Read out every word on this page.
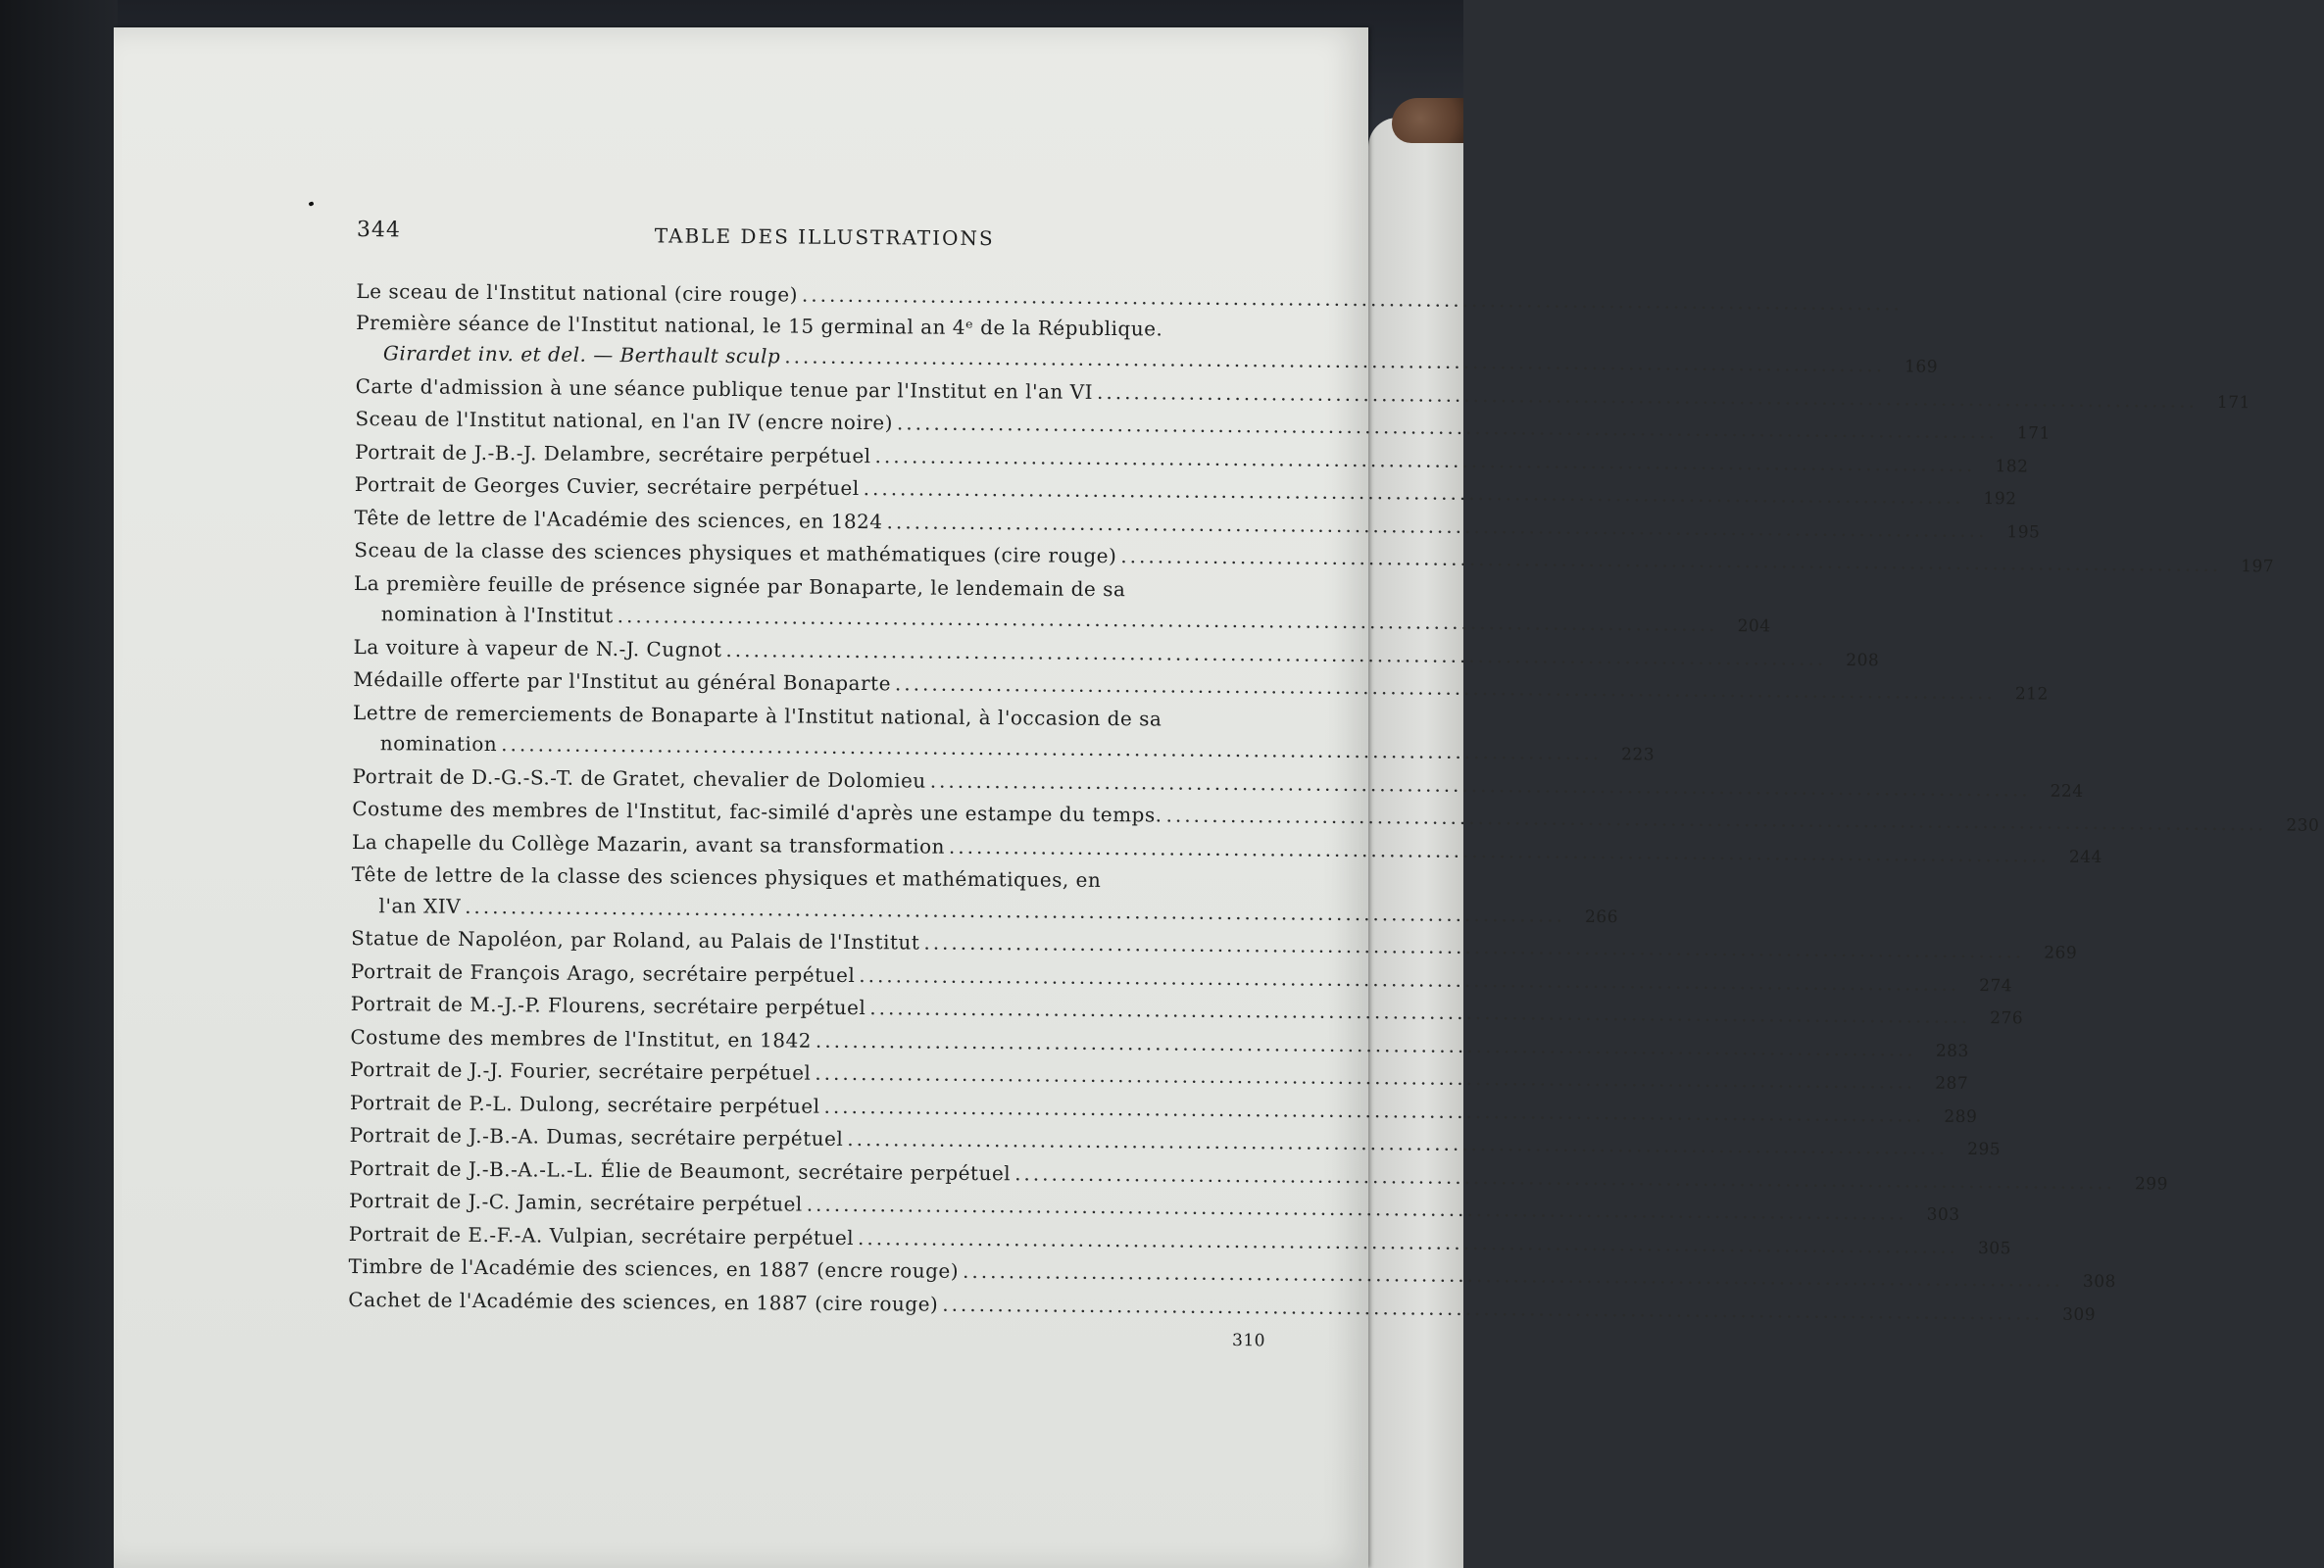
344	TABLE DES ILLUSTRATIONS
Le sceau de l'Institut national (cire rouge) ........................................................................................................................
Première séance de l'Institut national, le 15 germinal an 4ᵉ de la République.
Girardet inv. et del. — Berthault sculp ........................................................................................................................	169
Carte d'admission à une séance publique tenue par l'Institut en l'an VI ........................................................................................................................	171
Sceau de l'Institut national, en l'an IV (encre noire) ........................................................................................................................	171
Portrait de J.-B.-J. Delambre, secrétaire perpétuel ........................................................................................................................	182
Portrait de Georges Cuvier, secrétaire perpétuel ........................................................................................................................	192
Tête de lettre de l'Académie des sciences, en 1824 ........................................................................................................................	195
Sceau de la classe des sciences physiques et mathématiques (cire rouge) ........................................................................................................................	197
La première feuille de présence signée par Bonaparte, le lendemain de sa
nomination à l'Institut ........................................................................................................................	204
La voiture à vapeur de N.-J. Cugnot ........................................................................................................................	208
Médaille offerte par l'Institut au général Bonaparte ........................................................................................................................	212
Lettre de remerciements de Bonaparte à l'Institut national, à l'occasion de sa
nomination ........................................................................................................................	223
Portrait de D.-G.-S.-T. de Gratet, chevalier de Dolomieu ........................................................................................................................	224
Costume des membres de l'Institut, fac-similé d'après une estampe du temps. ........................................................................................................................	230
La chapelle du Collège Mazarin, avant sa transformation ........................................................................................................................	244
Tête de lettre de la classe des sciences physiques et mathématiques, en
l'an XIV ........................................................................................................................	266
Statue de Napoléon, par Roland, au Palais de l'Institut ........................................................................................................................	269
Portrait de François Arago, secrétaire perpétuel ........................................................................................................................	274
Portrait de M.-J.-P. Flourens, secrétaire perpétuel ........................................................................................................................	276
Costume des membres de l'Institut, en 1842 ........................................................................................................................	283
Portrait de J.-J. Fourier, secrétaire perpétuel ........................................................................................................................	287
Portrait de P.-L. Dulong, secrétaire perpétuel ........................................................................................................................	289
Portrait de J.-B.-A. Dumas, secrétaire perpétuel ........................................................................................................................	295
Portrait de J.-B.-A.-L.-L. Élie de Beaumont, secrétaire perpétuel ........................................................................................................................	299
Portrait de J.-C. Jamin, secrétaire perpétuel ........................................................................................................................	303
Portrait de E.-F.-A. Vulpian, secrétaire perpétuel ........................................................................................................................	305
Timbre de l'Académie des sciences, en 1887 (encre rouge) ........................................................................................................................	308
Cachet de l'Académie des sciences, en 1887 (cire rouge) ........................................................................................................................	309
310
